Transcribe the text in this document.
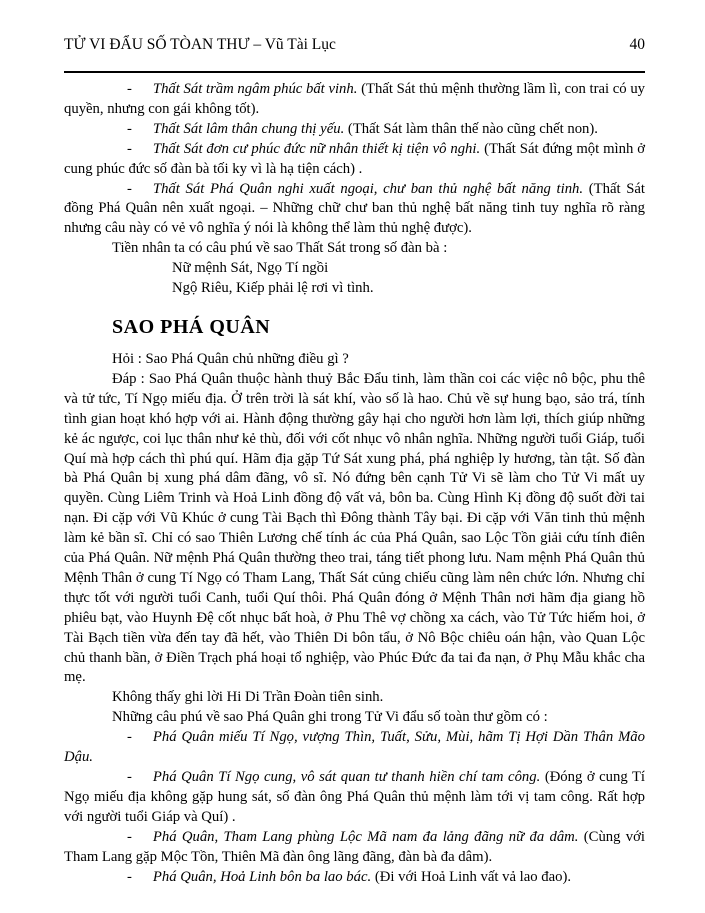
TỬ VI ĐẨU SỐ TÒAN THƯ – Vũ Tài Lục	40

- Thất Sát trầm ngâm phúc bất vinh. (Thất Sát thủ mệnh thường lầm lì, con trai có uy quyền, nhưng con gái không tốt).

- Thất Sát lâm thân chung thị yếu. (Thất Sát làm thân thế nào cũng chết non).

- Thất Sát đơn cư phúc đức nữ nhân thiết kị tiện vô nghi. (Thất Sát đứng một mình ở cung phúc đức số đàn bà tối ky vì là hạ tiện cách) .

- Thất Sát Phá Quân nghi xuất ngoại, chư ban thủ nghệ bất năng tinh. (Thất Sát đồng Phá Quân nên xuất ngoại. – Những chữ chư ban thủ nghệ bất năng tinh tuy nghĩa rõ ràng nhưng câu này có vẻ vô nghĩa ý nói là không thể làm thủ nghệ được).

Tiền nhân ta có câu phú về sao Thất Sát trong số đàn bà :

Nữ mệnh Sát, Ngọ Tí ngồi

Ngộ Riêu, Kiếp phải lệ rơi vì tình.

SAO PHÁ QUÂN

Hỏi : Sao Phá Quân chủ những điều gì ?

Đáp : Sao Phá Quân thuộc hành thuỷ Bắc Đẩu tinh, làm thần coi các việc nô bộc, phu thê và tử tức, Tí Ngọ miếu địa. Ở trên trời là sát khí, vào số là hao. Chủ về sự hung bạo, sảo trá, tính tình gian hoạt khó hợp với ai. Hành động thường gây hại cho người hơn làm lợi, thích giúp những kẻ ác ngược, coi lục thân như kẻ thù, đối với cốt nhục vô nhân nghĩa. Những người tuổi Giáp, tuổi Quí mà hợp cách thì phú quí. Hãm địa gặp Tứ Sát xung phá, phá nghiệp ly hương, tàn tật. Số đàn bà Phá Quân bị xung phá dâm đãng, vô sĩ. Nó đứng bên cạnh Tử Vi sẽ làm cho Tử Vi mất uy quyền. Cùng Liêm Trinh và Hoả Linh đồng độ vất vả, bôn ba. Cùng Hình Kị đồng độ suốt đời tai nạn. Đi cặp với Vũ Khúc ở cung Tài Bạch thì Đông thành Tây bại. Đi cặp với Văn tinh thủ mệnh làm kẻ bần sĩ. Chỉ có sao Thiên Lương chế tính ác của Phá Quân, sao Lộc Tồn giải cứu tính điên của Phá Quân. Nữ mệnh Phá Quân thường theo trai, táng tiết phong lưu. Nam mệnh Phá Quân thủ Mệnh Thân ở cung Tí Ngọ có Tham Lang, Thất Sát củng chiếu cũng làm nên chức lớn. Nhưng chỉ thực tốt với người tuổi Canh, tuổi Quí thôi. Phá Quân đóng ở Mệnh Thân nơi hãm địa giang hồ phiêu bạt, vào Huynh Đệ cốt nhục bất hoà, ở Phu Thê vợ chồng xa cách, vào Tử Tức hiếm hoi, ở Tài Bạch tiền vừa đến tay đã hết, vào Thiên Di bôn tẩu, ở Nô Bộc chiêu oán hận, vào Quan Lộc chủ thanh bần, ở Điền Trạch phá hoại tổ nghiệp, vào Phúc Đức đa tai đa nạn, ở Phụ Mẫu khắc cha mẹ.

Không thấy ghi lời Hi Di Trần Đoàn tiên sinh.

Những câu phú về sao Phá Quân ghi trong Tử Vi đẩu số toàn thư gồm có :

- Phá Quân miếu Tí Ngọ, vượng Thìn, Tuất, Sửu, Mùi, hãm Tị Hợi Dần Thân Mão Dậu.

- Phá Quân Tí Ngọ cung, vô sát quan tư thanh hiền chí tam công. (Đóng ở cung Tí Ngọ miếu địa không gặp hung sát, số đàn ông Phá Quân thủ mệnh làm tới vị tam công. Rất hợp với người tuổi Giáp và Quí) .

- Phá Quân, Tham Lang phùng Lộc Mã nam đa lảng đãng nữ đa dâm. (Cùng với Tham Lang gặp Mộc Tồn, Thiên Mã đàn ông lãng đãng, đàn bà đa dâm).

- Phá Quân, Hoả Linh bôn ba lao bác. (Đi với Hoả Linh vất vả lao đao).
